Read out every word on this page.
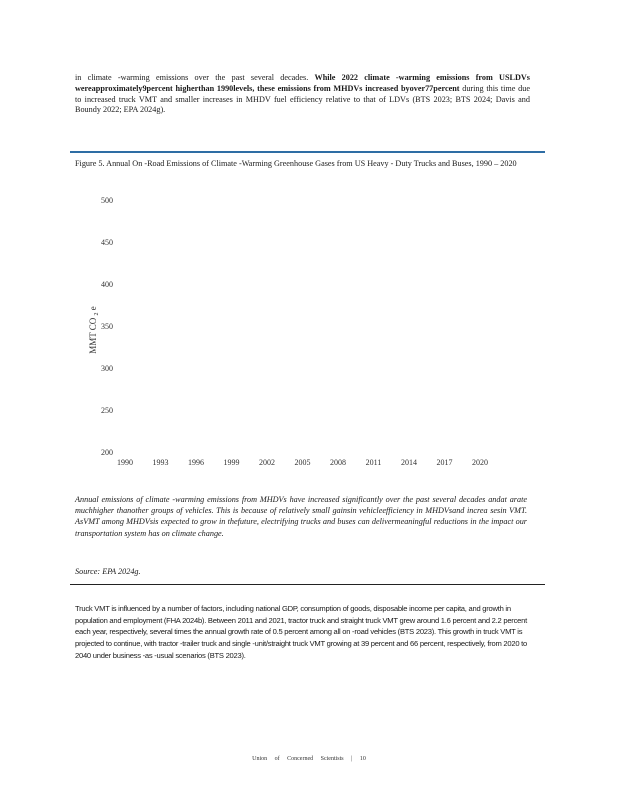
in climate -warming emissions over the past several decades. While 2022 climate -warming emissions from USLDVs wereapproximately9percent higherthan 1990levels, these emissions from MHDVs increased byover77percent during this time due to increased truck VMT and smaller increases in MHDV fuel efficiency relative to that of LDVs (BTS 2023; BTS 2024; Davis and Boundy 2022; EPA 2024g).

Figure 5. Annual On -Road Emissions of Climate -Warming Greenhouse Gases from US Heavy - Duty Trucks and Buses, 1990 – 2020

500
450
400
350
300
250
200
1990 1993 1996 1999 2002 2005 2008 2011 2014 2017 2020
MMT CO $_2$ e

Annual emissions of climate -warming emissions from MHDVs have increased significantly over the past several decades andat arate muchhigher thanother groups of vehicles. This is because of relatively small gainsin vehicleefficiency in MHDVsand increa sesin VMT. AsVMT among MHDVsis expected to grow in thefuture, electrifying trucks and buses can delivermeaningful reductions in the impact our transportation system has on climate change.

Source: EPA 2024g.

Truck VMT is influenced by a number of factors, including national GDP, consumption of goods, disposable income per capita, and growth in population and employment (FHA 2024b). Between 2011 and 2021, tractor truck and straight truck VMT grew around 1.6 percent and 2.2 percent each year, respectively, several times the annual growth rate of 0.5 percent among all on -road vehicles (BTS 2023). This growth in truck VMT is projected to continue, with tractor -trailer truck and single -unit/straight truck VMT growing at 39 percent and 66 percent, respectively, from 2020 to 2040 under business -as -usual scenarios (BTS 2023).

Union of Concerned Scientists | 10
